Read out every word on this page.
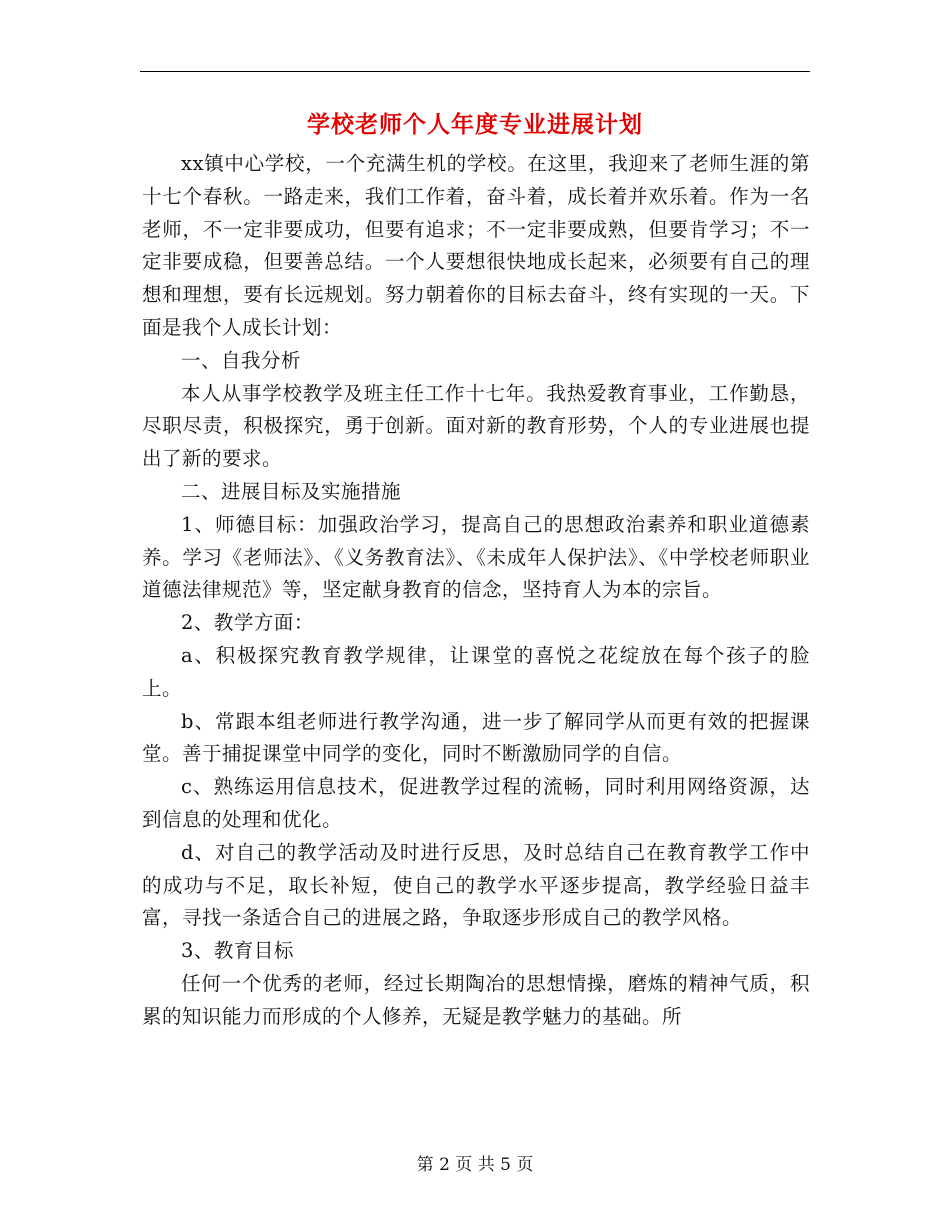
学校老师个人年度专业进展计划

xx镇中心学校，一个充满生机的学校。在这里，我迎来了老师生涯的第十七个春秋。一路走来，我们工作着，奋斗着，成长着并欢乐着。作为一名老师，不一定非要成功，但要有追求；不一定非要成熟，但要肯学习；不一定非要成稳，但要善总结。一个人要想很快地成长起来，必须要有自己的理想和理想，要有长远规划。努力朝着你的目标去奋斗，终有实现的一天。下面是我个人成长计划：

一、自我分析

本人从事学校教学及班主任工作十七年。我热爱教育事业，工作勤恳，尽职尽责，积极探究，勇于创新。面对新的教育形势，个人的专业进展也提出了新的要求。

二、进展目标及实施措施

1、师德目标：加强政治学习，提高自己的思想政治素养和职业道德素养。学习《老师法》、《义务教育法》、《未成年人保护法》、《中学校老师职业道德法律规范》等，坚定献身教育的信念，坚持育人为本的宗旨。

2、教学方面：

a、积极探究教育教学规律，让课堂的喜悦之花绽放在每个孩子的脸上。

b、常跟本组老师进行教学沟通，进一步了解同学从而更有效的把握课堂。善于捕捉课堂中同学的变化，同时不断激励同学的自信。

c、熟练运用信息技术，促进教学过程的流畅，同时利用网络资源，达到信息的处理和优化。

d、对自己的教学活动及时进行反思，及时总结自己在教育教学工作中的成功与不足，取长补短，使自己的教学水平逐步提高，教学经验日益丰富，寻找一条适合自己的进展之路，争取逐步形成自己的教学风格。

3、教育目标

任何一个优秀的老师，经过长期陶冶的思想情操，磨炼的精神气质，积累的知识能力而形成的个人修养，无疑是教学魅力的基础。所

第 2 页 共 5 页
